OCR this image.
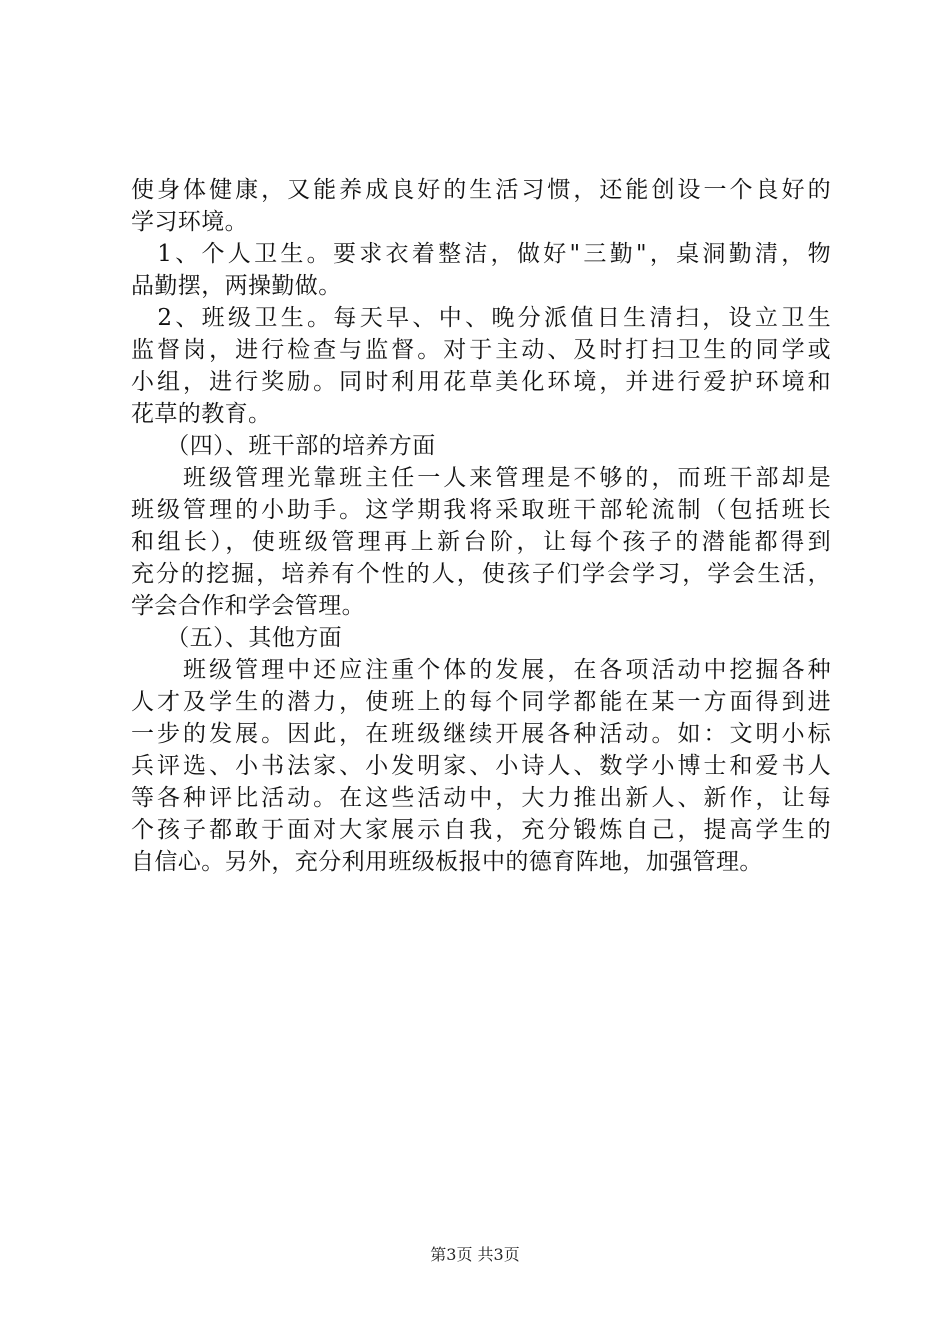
使身体健康，又能养成良好的生活习惯，还能创设一个良好的
学习环境。
　1、个人卫生。要求衣着整洁，做好"三勤"，桌洞勤清，物
品勤摆，两操勤做。
　2、班级卫生。每天早、中、晚分派值日生清扫，设立卫生
监督岗，进行检查与监督。对于主动、及时打扫卫生的同学或
小组，进行奖励。同时利用花草美化环境，并进行爱护环境和
花草的教育。
　　（四）、班干部的培养方面
　　班级管理光靠班主任一人来管理是不够的，而班干部却是
班级管理的小助手。这学期我将采取班干部轮流制（包括班长
和组长），使班级管理再上新台阶，让每个孩子的潜能都得到
充分的挖掘，培养有个性的人，使孩子们学会学习，学会生活，
学会合作和学会管理。
　　（五）、其他方面
　　班级管理中还应注重个体的发展，在各项活动中挖掘各种
人才及学生的潜力，使班上的每个同学都能在某一方面得到进
一步的发展。因此，在班级继续开展各种活动。如：文明小标
兵评选、小书法家、小发明家、小诗人、数学小博士和爱书人
等各种评比活动。在这些活动中，大力推出新人、新作，让每
个孩子都敢于面对大家展示自我，充分锻炼自己，提高学生的
自信心。另外，充分利用班级板报中的德育阵地，加强管理。
第3页 共3页
